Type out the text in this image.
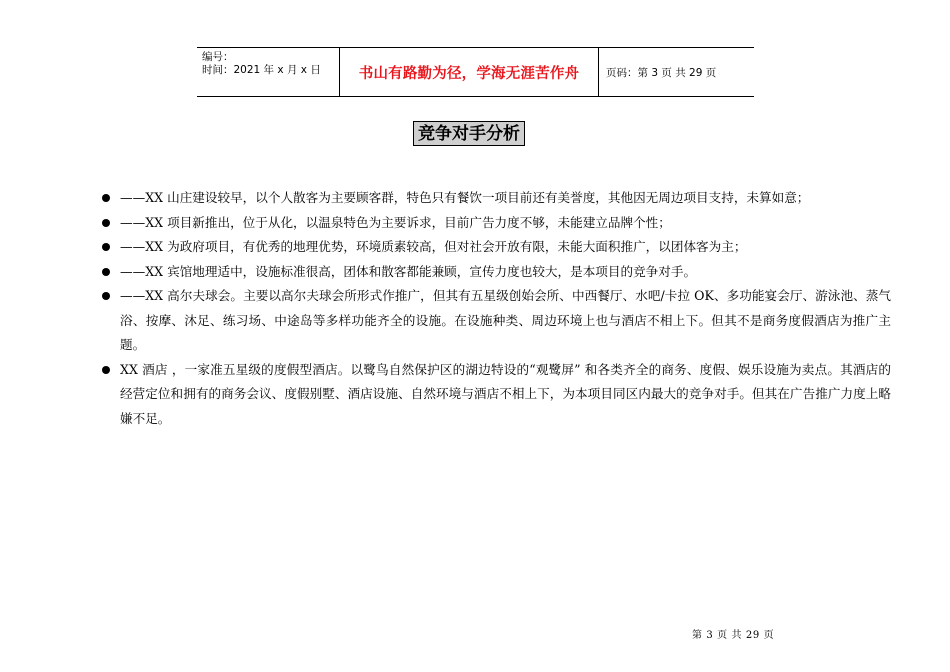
编号：
时间：2021 年 x 月 x 日	书山有路勤为径，学海无涯苦作舟	页码：第 3 页 共 29 页
竞争对手分析
——XX 山庄建设较早，以个人散客为主要顾客群，特色只有餐饮一项目前还有美誉度，其他因无周边项目支持，未算如意；
——XX 项目新推出，位于从化，以温泉特色为主要诉求，目前广告力度不够，未能建立品牌个性；
——XX 为政府项目，有优秀的地理优势，环境质素较高，但对社会开放有限，未能大面积推广，以团体客为主；
——XX 宾馆地理适中，设施标准很高，团体和散客都能兼顾，宣传力度也较大，是本项目的竞争对手。
——XX 高尔夫球会。主要以高尔夫球会所形式作推广，但其有五星级创始会所、中西餐厅、水吧/卡拉 OK、多功能宴会厅、游泳池、蒸气浴、按摩、沐足、练习场、中途岛等多样功能齐全的设施。在设施种类、周边环境上也与酒店不相上下。但其不是商务度假酒店为推广主题。
XX 酒店 ，一家准五星级的度假型酒店。以鹭鸟自然保护区的湖边特设的“观鹭屏” 和各类齐全的商务、度假、娱乐设施为卖点。其酒店的经营定位和拥有的商务会议、度假别墅、酒店设施、自然环境与酒店不相上下，为本项目同区内最大的竞争对手。但其在广告推广力度上略嫌不足。
第 3 页 共 29 页
